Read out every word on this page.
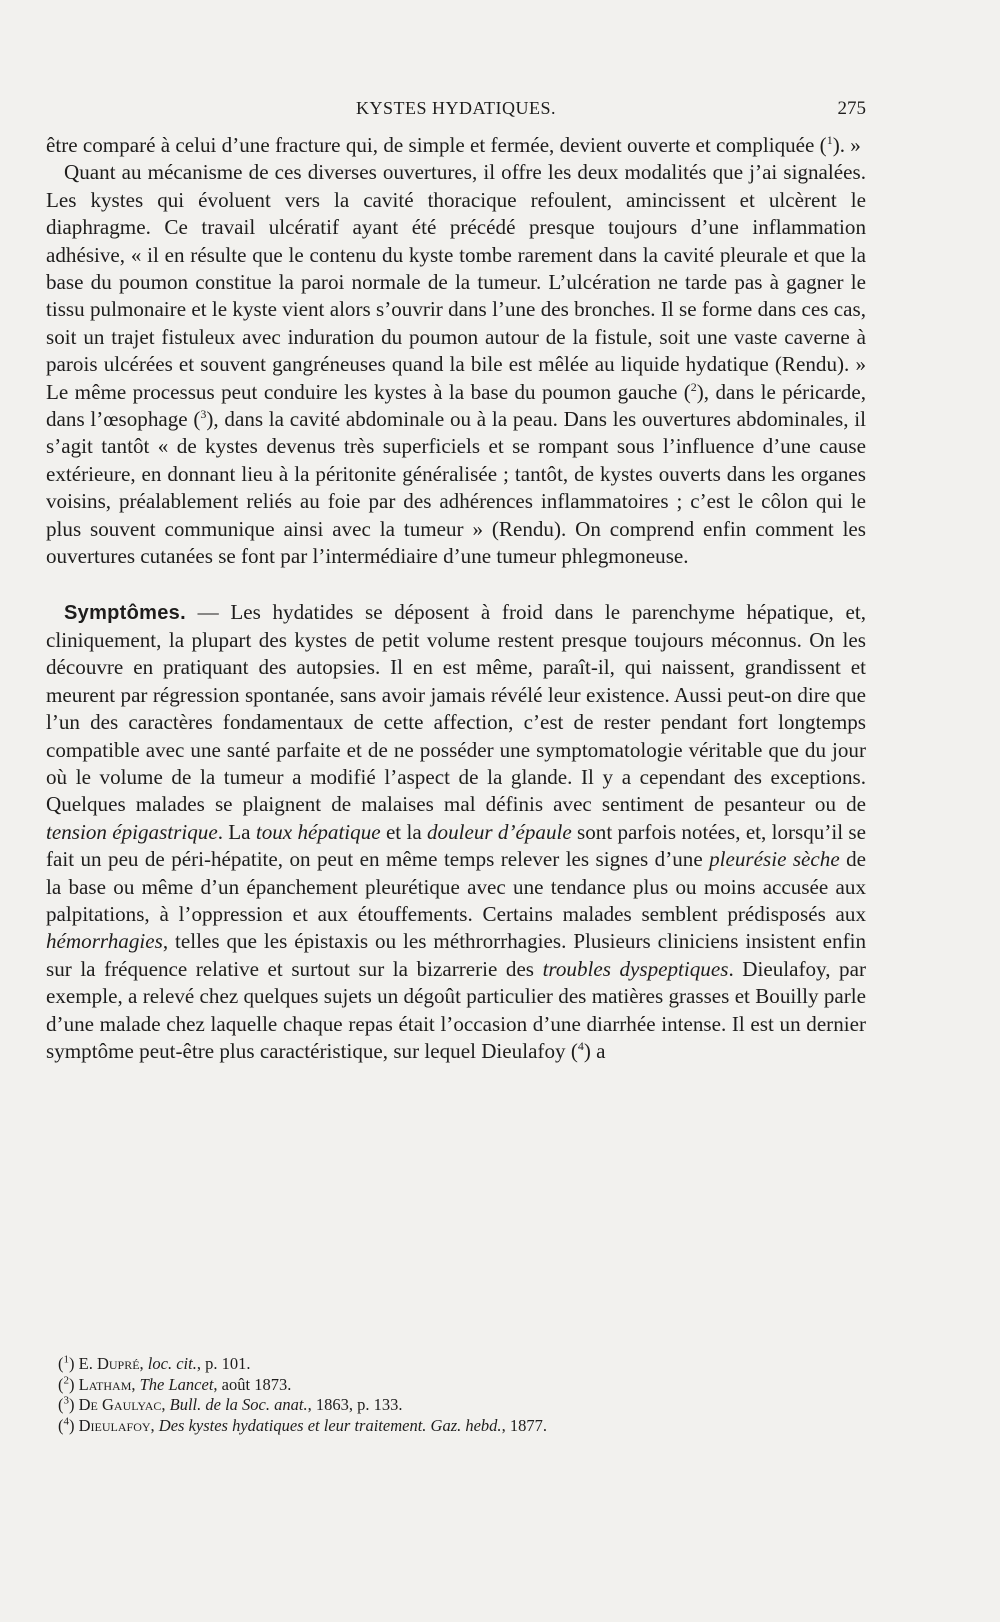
KYSTES HYDATIQUES.	275

être comparé à celui d’une fracture qui, de simple et fermée, devient ouverte et compliquée ($^1$). »

Quant au mécanisme de ces diverses ouvertures, il offre les deux modalités que j’ai signalées. Les kystes qui évoluent vers la cavité thoracique refoulent, amincissent et ulcèrent le diaphragme. Ce travail ulcératif ayant été précédé presque toujours d’une inflammation adhésive, « il en résulte que le contenu du kyste tombe rarement dans la cavité pleurale et que la base du poumon constitue la paroi normale de la tumeur. L’ulcération ne tarde pas à gagner le tissu pulmonaire et le kyste vient alors s’ouvrir dans l’une des bronches. Il se forme dans ces cas, soit un trajet fistuleux avec induration du poumon autour de la fistule, soit une vaste caverne à parois ulcérées et souvent gangréneuses quand la bile est mêlée au liquide hydatique (Rendu). » Le même processus peut conduire les kystes à la base du poumon gauche ($^2$), dans le péricarde, dans l’œsophage ($^3$), dans la cavité abdominale ou à la peau. Dans les ouvertures abdominales, il s’agit tantôt « de kystes devenus très superficiels et se rompant sous l’influence d’une cause extérieure, en donnant lieu à la péritonite généralisée ; tantôt, de kystes ouverts dans les organes voisins, préalablement reliés au foie par des adhérences inflammatoires ; c’est le côlon qui le plus souvent communique ainsi avec la tumeur » (Rendu). On comprend enfin comment les ouvertures cutanées se font par l’intermédiaire d’une tumeur phlegmoneuse.

Symptômes. — Les hydatides se déposent à froid dans le parenchyme hépatique, et, cliniquement, la plupart des kystes de petit volume restent presque toujours méconnus. On les découvre en pratiquant des autopsies. Il en est même, paraît-il, qui naissent, grandissent et meurent par régression spontanée, sans avoir jamais révélé leur existence. Aussi peut-on dire que l’un des caractères fondamentaux de cette affection, c’est de rester pendant fort longtemps compatible avec une santé parfaite et de ne posséder une symptomatologie véritable que du jour où le volume de la tumeur a modifié l’aspect de la glande. Il y a cependant des exceptions. Quelques malades se plaignent de malaises mal définis avec sentiment de pesanteur ou de tension épigastrique. La toux hépatique et la douleur d’épaule sont parfois notées, et, lorsqu’il se fait un peu de péri-hépatite, on peut en même temps relever les signes d’une pleurésie sèche de la base ou même d’un épanchement pleurétique avec une tendance plus ou moins accusée aux palpitations, à l’oppression et aux étouffements. Certains malades semblent prédisposés aux hémorrhagies, telles que les épistaxis ou les méthrorrhagies. Plusieurs cliniciens insistent enfin sur la fréquence relative et surtout sur la bizarrerie des troubles dyspeptiques. Dieulafoy, par exemple, a relevé chez quelques sujets un dégoût particulier des matières grasses et Bouilly parle d’une malade chez laquelle chaque repas était l’occasion d’une diarrhée intense. Il est un dernier symptôme peut-être plus caractéristique, sur lequel Dieulafoy ($^4$) a

($^1$) E. Dupré, loc. cit., p. 101.
($^2$) Latham, The Lancet, août 1873.
($^3$) De Gaulyac, Bull. de la Soc. anat., 1863, p. 133.
($^4$) Dieulafoy, Des kystes hydatiques et leur traitement. Gaz. hebd., 1877.
